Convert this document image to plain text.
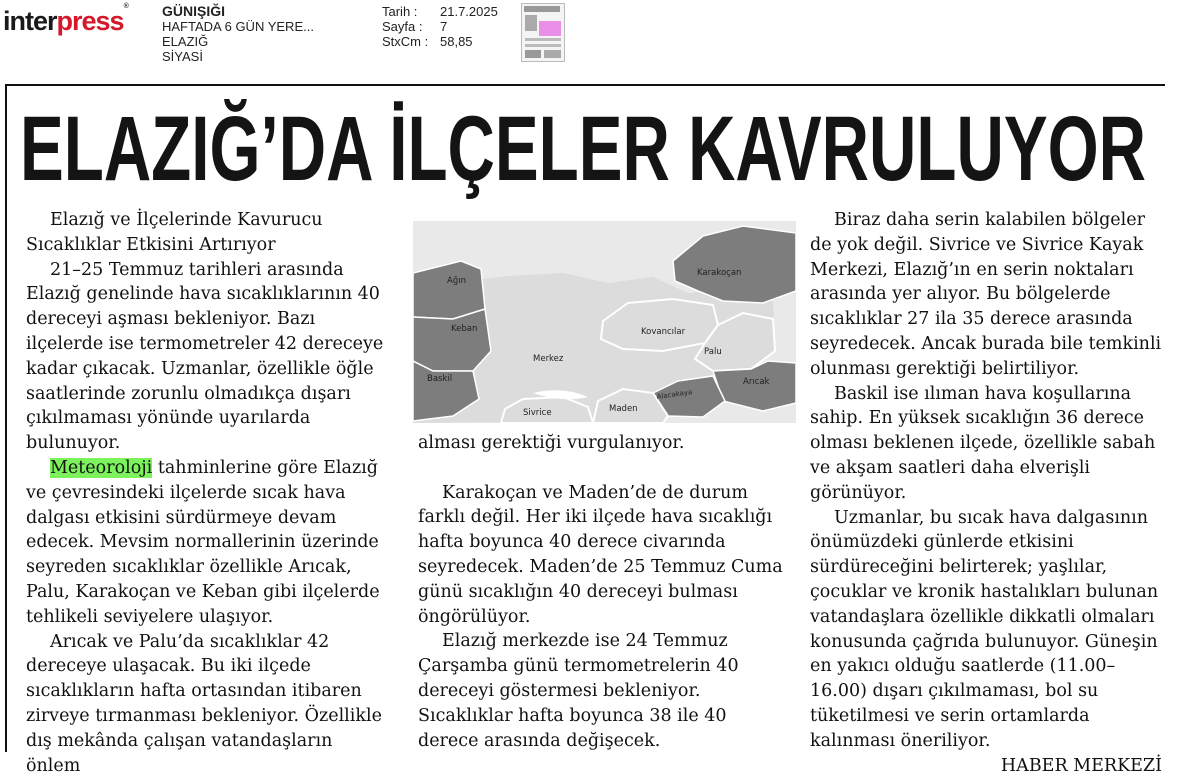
interpress® GÜNIŞIĞI
HAFTADA 6 GÜN YERE...
ELAZIĞ
SİYASİ
Tarih :	21.7.2025
Sayfa :	7
StxCm : 58,85
ELAZIĞ’DA İLÇELER KAVRULUYOR

Elazığ ve İlçelerinde Kavurucu

Sıcaklıklar Etkisini Artırıyor

21–25 Temmuz tarihleri arasında Elazığ genelinde hava sıcaklıklarının 40 dereceyi aşması bekleniyor. Bazı ilçelerde ise termometreler 42 dereceye kadar çıkacak. Uzmanlar, özellikle öğle saatlerinde zorunlu olmadıkça dışarı çıkılmaması yönünde uyarılarda bulunuyor.

Meteoroloji tahminlerine göre Elazığ ve çevresindeki ilçelerde sıcak hava dalgası etkisini sürdürmeye devam edecek. Mevsim normallerinin üzerinde seyreden sıcaklıklar özellikle Arıcak, Palu, Karakoçan ve Keban gibi ilçelerde tehlikeli seviyelere ulaşıyor.

Arıcak ve Palu’da sıcaklıklar 42 dereceye ulaşacak. Bu iki ilçede sıcaklıkların hafta ortasından itibaren zirveye tırmanması bekleniyor. Özellikle dış mekânda çalışan vatandaşların önlem

Ağın
Keban
Baskil
Merkez
Sivrice	Maden
Kovancılar
Palu
Karakoçan
Arıcak
Alacakaya

alması gerektiği vurgulanıyor.

Karakoçan ve Maden’de de durum farklı değil. Her iki ilçede hava sıcaklığı hafta boyunca 40 derece civarında seyredecek. Maden’de 25 Temmuz Cuma günü sıcaklığın 40 dereceyi bulması öngörülüyor.

Elazığ merkezde ise 24 Temmuz Çarşamba günü termometrelerin 40 dereceyi göstermesi bekleniyor. Sıcaklıklar hafta boyunca 38 ile 40 derece arasında değişecek.

Biraz daha serin kalabilen bölgeler de yok değil. Sivrice ve Sivrice Kayak Merkezi, Elazığ’ın en serin noktaları arasında yer alıyor. Bu bölgelerde sıcaklıklar 27 ila 35 derece arasında seyredecek. Ancak burada bile temkinli olunması gerektiği belirtiliyor.

Baskil ise ılıman hava koşullarına sahip. En yüksek sıcaklığın 36 derece olması beklenen ilçede, özellikle sabah ve akşam saatleri daha elverişli görünüyor.

Uzmanlar, bu sıcak hava dalgasının önümüzdeki günlerde etkisini sürdüreceğini belirterek; yaşlılar, çocuklar ve kronik hastalıkları bulunan vatandaşlara özellikle dikkatli olmaları konusunda çağrıda bulunuyor. Güneşin en yakıcı olduğu saatlerde (11.00–16.00) dışarı çıkılmaması, bol su tüketilmesi ve serin ortamlarda kalınması öneriliyor.

HABER MERKEZİ
